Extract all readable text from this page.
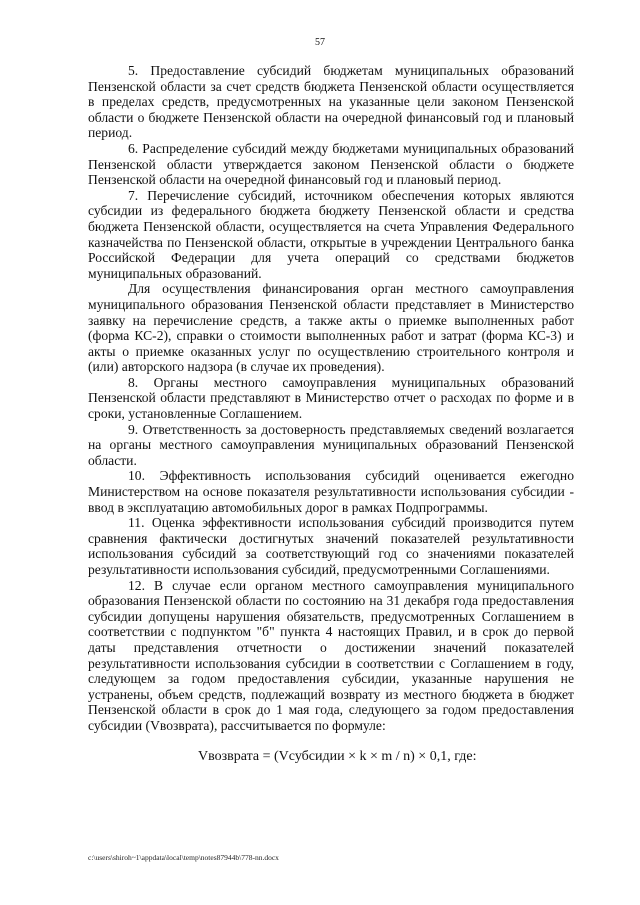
57

5. Предоставление субсидий бюджетам муниципальных образований Пензенской области за счет средств бюджета Пензенской области осуществляется в пределах средств, предусмотренных на указанные цели законом Пензенской области о бюджете Пензенской области на очередной финансовый год и плановый период.

6. Распределение субсидий между бюджетами муниципальных образований Пензенской области утверждается законом Пензенской области о бюджете Пензенской области на очередной финансовый год и плановый период.

7. Перечисление субсидий, источником обеспечения которых являются субсидии из федерального бюджета бюджету Пензенской области и средства бюджета Пензенской области, осуществляется на счета Управления Федерального казначейства по Пензенской области, открытые в учреждении Центрального банка Российской Федерации для учета операций со средствами бюджетов муниципальных образований.

Для осуществления финансирования орган местного самоуправления муниципального образования Пензенской области представляет в Министерство заявку на перечисление средств, а также акты о приемке выполненных работ (форма КС-2), справки о стоимости выполненных работ и затрат (форма КС-3) и акты о приемке оказанных услуг по осуществлению строительного контроля и (или) авторского надзора (в случае их проведения).

8. Органы местного самоуправления муниципальных образований Пензенской области представляют в Министерство отчет о расходах по форме и в сроки, установленные Соглашением.

9. Ответственность за достоверность представляемых сведений возлагается на органы местного самоуправления муниципальных образований Пензенской области.

10. Эффективность использования субсидий оценивается ежегодно Министерством на основе показателя результативности использования субсидии - ввод в эксплуатацию автомобильных дорог в рамках Подпрограммы.

11. Оценка эффективности использования субсидий производится путем сравнения фактически достигнутых значений показателей результативности использования субсидий за соответствующий год со значениями показателей результативности использования субсидий, предусмотренными Соглашениями.

12. В случае если органом местного самоуправления муниципального образования Пензенской области по состоянию на 31 декабря года предоставления субсидии допущены нарушения обязательств, предусмотренных Соглашением в соответствии с подпунктом "б" пункта 4 настоящих Правил, и в срок до первой даты представления отчетности о достижении значений показателей результативности использования субсидии в соответствии с Соглашением в году, следующем за годом предоставления субсидии, указанные нарушения не устранены, объем средств, подлежащий возврату из местного бюджета в бюджет Пензенской области в срок до 1 мая года, следующего за годом предоставления субсидии (Vвозврата), рассчитывается по формуле:

Vвозврата = (Vсубсидии × k × m / n) × 0,1, где:
c:\users\shiroh~1\appdata\local\temp\notes87944b\778-nn.docx
